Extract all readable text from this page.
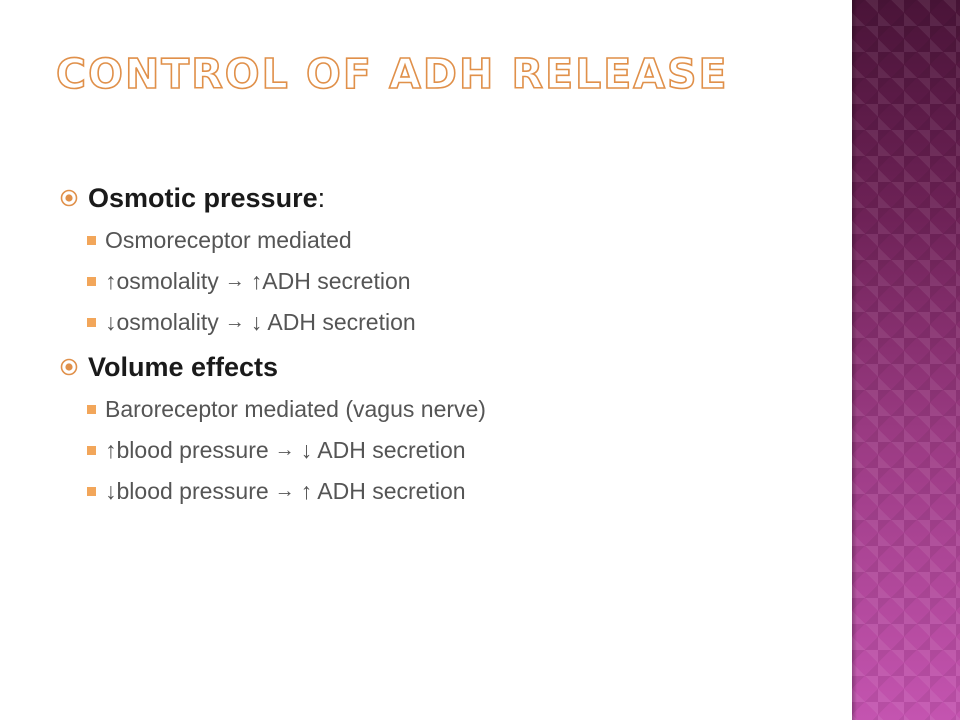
CONTROL OF ADH RELEASE
Osmotic pressure:
Osmoreceptor mediated
↑osmolality → ↑ADH secretion
↓osmolality → ↓ ADH secretion
Volume effects
Baroreceptor mediated (vagus nerve)
↑blood pressure → ↓ ADH secretion
↓blood pressure → ↑ ADH secretion
